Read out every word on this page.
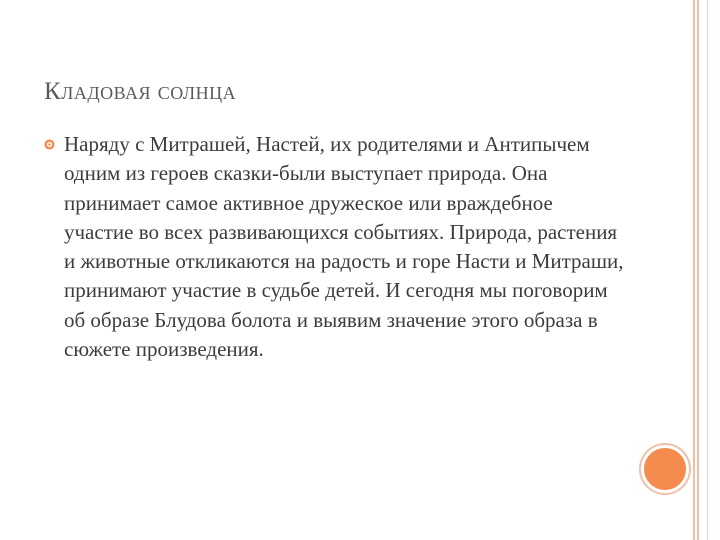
Кладовая солнца
Наряду с Митрашей, Настей, их родителями и Антипычем одним из героев сказки-были выступает природа. Она принимает самое активное дружеское или враждебное участие во всех развивающихся событиях. Природа, растения и животные откликаются на радость и горе Насти и Митраши, принимают участие в судьбе детей. И сегодня мы поговорим об образе Блудова болота и выявим значение этого образа в сюжете произведения.
